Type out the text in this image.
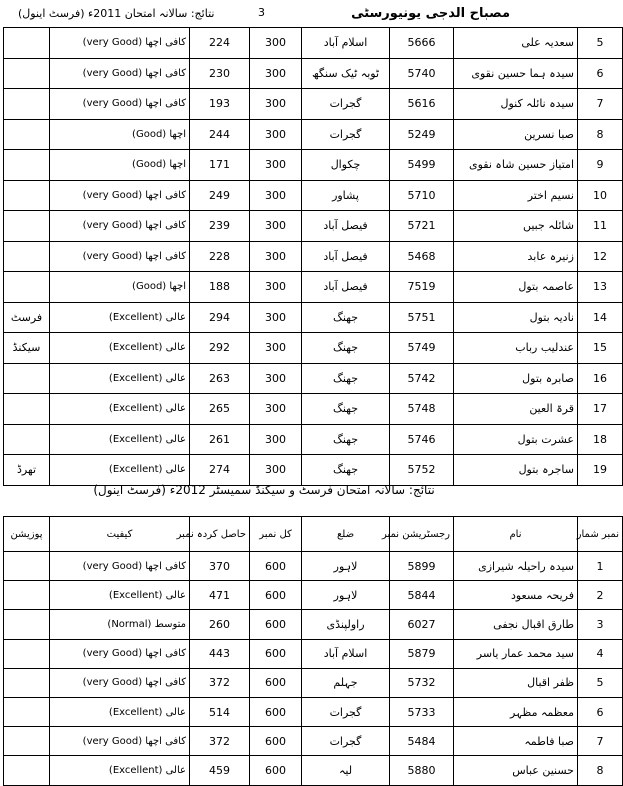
مصباح الدجی یونیورسٹی
3
نتائج: سالانہ امتحان 2011ء (فرسٹ اینول)
5	سعدیہ علی	5666	اسلام آباد	300	224	کافی اچھا (very Good)	
6	سیدہ ہما حسین نقوی	5740	ٹوبہ ٹیک سنگھ	300	230	کافی اچھا (very Good)	
7	سیدہ نائلہ کنول	5616	گجرات	300	193	کافی اچھا (very Good)	
8	صبا نسرین	5249	گجرات	300	244	اچھا (Good)	
9	امتیاز حسین شاہ نقوی	5499	چکوال	300	171	اچھا (Good)	
10	نسیم اختر	5710	پشاور	300	249	کافی اچھا (very Good)	
11	شائلہ جبیں	5721	فیصل آباد	300	239	کافی اچھا (very Good)	
12	زنیرہ عابد	5468	فیصل آباد	300	228	کافی اچھا (very Good)	
13	عاصمہ بتول	7519	فیصل آباد	300	188	اچھا (Good)	
14	نادیہ بتول	5751	جھنگ	300	294	عالی (Excellent)	فرسٹ
15	عندلیب رباب	5749	جھنگ	300	292	عالی (Excellent)	سیکنڈ
16	صابرہ بتول	5742	جھنگ	300	263	عالی (Excellent)	
17	قرۃ العین	5748	جھنگ	300	265	عالی (Excellent)	
18	عشرت بتول	5746	جھنگ	300	261	عالی (Excellent)	
19	ساجرہ بتول	5752	جھنگ	300	274	عالی (Excellent)	تھرڈ
نتائج: سالانہ امتحان فرسٹ و سیکنڈ سمیسٹر 2012ء (فرسٹ اینول)
نمبر شمار	نام	رجسٹریشن نمبر	ضلع	کل نمبر	حاصل کردہ نمبر	کیفیت	پوزیشن
1	سیدہ راحیلہ شیرازی	5899	لاہور	600	370	کافی اچھا (very Good)	
2	فریحہ مسعود	5844	لاہور	600	471	عالی (Excellent)	
3	طارق اقبال نجفی	6027	راولپنڈی	600	260	متوسط (Normal)	
4	سید محمد عمار یاسر	5879	اسلام آباد	600	443	کافی اچھا (very Good)	
5	ظفر اقبال	5732	جہلم	600	372	کافی اچھا (very Good)	
6	معظمہ مظہر	5733	گجرات	600	514	عالی (Excellent)	
7	صبا فاطمہ	5484	گجرات	600	372	کافی اچھا (very Good)	
8	حسنین عباس	5880	لیہ	600	459	عالی (Excellent)	
